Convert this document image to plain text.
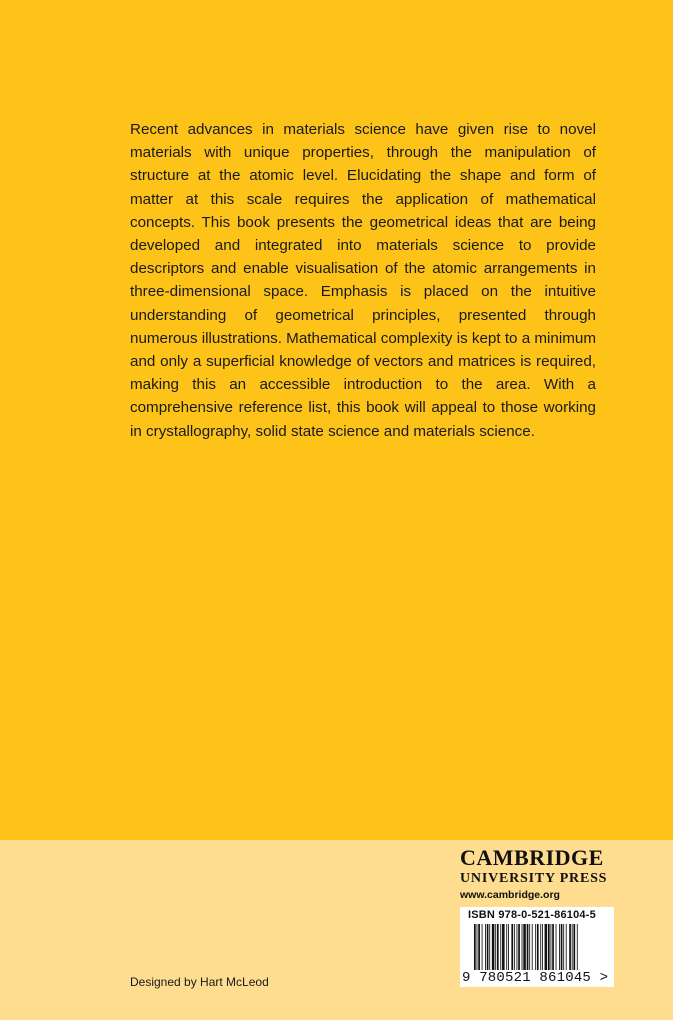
Recent advances in materials science have given rise to novel materials with unique properties, through the manipulation of structure at the atomic level. Elucidating the shape and form of matter at this scale requires the application of mathematical concepts. This book presents the geometrical ideas that are being developed and integrated into materials science to provide descriptors and enable visualisation of the atomic arrangements in three-dimensional space. Emphasis is placed on the intuitive understanding of geometrical principles, presented through numerous illustrations. Mathematical complexity is kept to a minimum and only a superficial knowledge of vectors and matrices is required, making this an accessible introduction to the area. With a comprehensive reference list, this book will appeal to those working in crystallography, solid state science and materials science.

Designed by Hart McLeod
CAMBRIDGE
UNIVERSITY PRESS
www.cambridge.org
ISBN 978-0-521-86104-5
9 780521 861045 >
